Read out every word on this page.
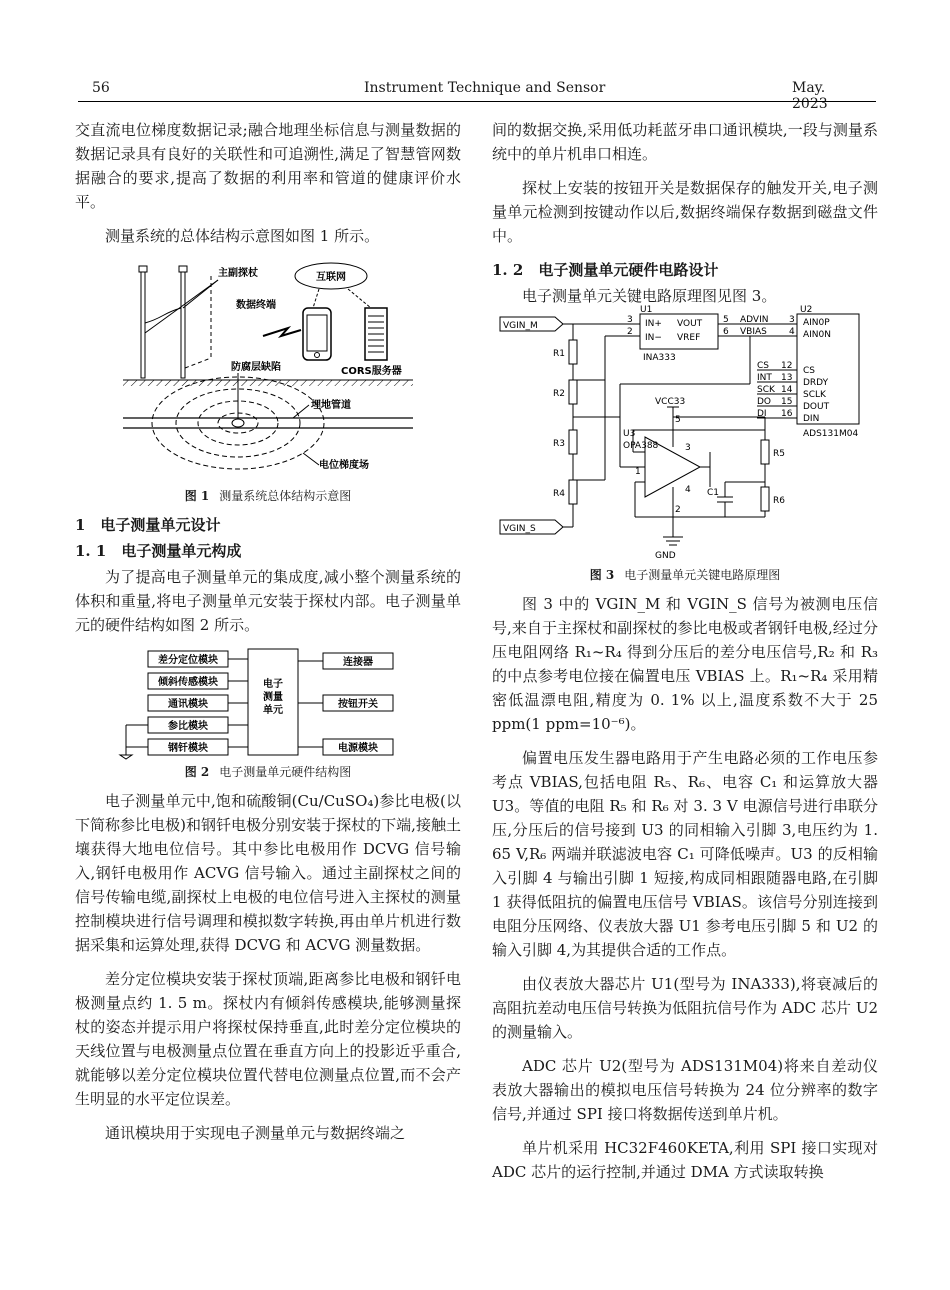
56	Instrument Technique and Sensor	May. 2023

交直流电位梯度数据记录;融合地理坐标信息与测量数据的数据记录具有良好的关联性和可追溯性,满足了智慧管网数据融合的要求,提高了数据的利用率和管道的健康评价水平。

测量系统的总体结构示意图如图 1 所示。

主副探杖	互联网
数据终端
防腐层缺陷	CORS服务器
埋地管道
电位梯度场
图 1 测量系统总体结构示意图
1　电子测量单元设计
1. 1　电子测量单元构成

为了提高电子测量单元的集成度,减小整个测量系统的体积和重量,将电子测量单元安装于探杖内部。电子测量单元的硬件结构如图 2 所示。

差分定位模块
倾斜传感模块
通讯模块
参比模块
钢钎模块
电子
测量
单元
连接器
按钮开关
电源模块
图 2 电子测量单元硬件结构图

电子测量单元中,饱和硫酸铜(Cu/CuSO₄)参比电极(以下简称参比电极)和钢钎电极分别安装于探杖的下端,接触土壤获得大地电位信号。其中参比电极用作 DCVG 信号输入,钢钎电极用作 ACVG 信号输入。通过主副探杖之间的信号传输电缆,副探杖上电极的电位信号进入主探杖的测量控制模块进行信号调理和模拟数字转换,再由单片机进行数据采集和运算处理,获得 DCVG 和 ACVG 测量数据。

差分定位模块安装于探杖顶端,距离参比电极和钢钎电极测量点约 1. 5 m。探杖内有倾斜传感模块,能够测量探杖的姿态并提示用户将探杖保持垂直,此时差分定位模块的天线位置与电极测量点位置在垂直方向上的投影近乎重合,就能够以差分定位模块位置代替电位测量点位置,而不会产生明显的水平定位误差。

通讯模块用于实现电子测量单元与数据终端之

间的数据交换,采用低功耗蓝牙串口通讯模块,一段与测量系统中的单片机串口相连。

探杖上安装的按钮开关是数据保存的触发开关,电子测量单元检测到按键动作以后,数据终端保存数据到磁盘文件中。

1. 2　电子测量单元硬件电路设计

电子测量单元关键电路原理图见图 3。

VGIN_M
VGIN_S
U1	U2
IN+
IN−
VOUT
VREF
INA333
3
2
5
6
ADVIN 3
VBIAS 4
AIN0P
AIN0N
CS
DRDY
SCLK
DOUT
DIN
CS
INT
SCK
DO
DI
12
13
14
15
16
ADS131M04
VCC33
GND
U3
OPA388
R1
R2
R3
R4
R5
R6
C1
3
4
1
2
5
图 3 电子测量单元关键电路原理图

图 3 中的 VGIN_M 和 VGIN_S 信号为被测电压信号,来自于主探杖和副探杖的参比电极或者钢钎电极,经过分压电阻网络 R₁~R₄ 得到分压后的差分电压信号,R₂ 和 R₃ 的中点参考电位接在偏置电压 VBIAS 上。R₁~R₄ 采用精密低温漂电阻,精度为 0. 1% 以上,温度系数不大于 25 ppm(1 ppm=10⁻⁶)。

偏置电压发生器电路用于产生电路必须的工作电压参考点 VBIAS,包括电阻 R₅、R₆、电容 C₁ 和运算放大器 U3。等值的电阻 R₅ 和 R₆ 对 3. 3 V 电源信号进行串联分压,分压后的信号接到 U3 的同相输入引脚 3,电压约为 1. 65 V,R₆ 两端并联滤波电容 C₁ 可降低噪声。U3 的反相输入引脚 4 与输出引脚 1 短接,构成同相跟随器电路,在引脚 1 获得低阻抗的偏置电压信号 VBIAS。该信号分别连接到电阻分压网络、仪表放大器 U1 参考电压引脚 5 和 U2 的输入引脚 4,为其提供合适的工作点。

由仪表放大器芯片 U1(型号为 INA333),将衰减后的高阻抗差动电压信号转换为低阻抗信号作为 ADC 芯片 U2 的测量输入。

ADC 芯片 U2(型号为 ADS131M04)将来自差动仪表放大器输出的模拟电压信号转换为 24 位分辨率的数字信号,并通过 SPI 接口将数据传送到单片机。

单片机采用 HC32F460KETA,利用 SPI 接口实现对 ADC 芯片的运行控制,并通过 DMA 方式读取转换
